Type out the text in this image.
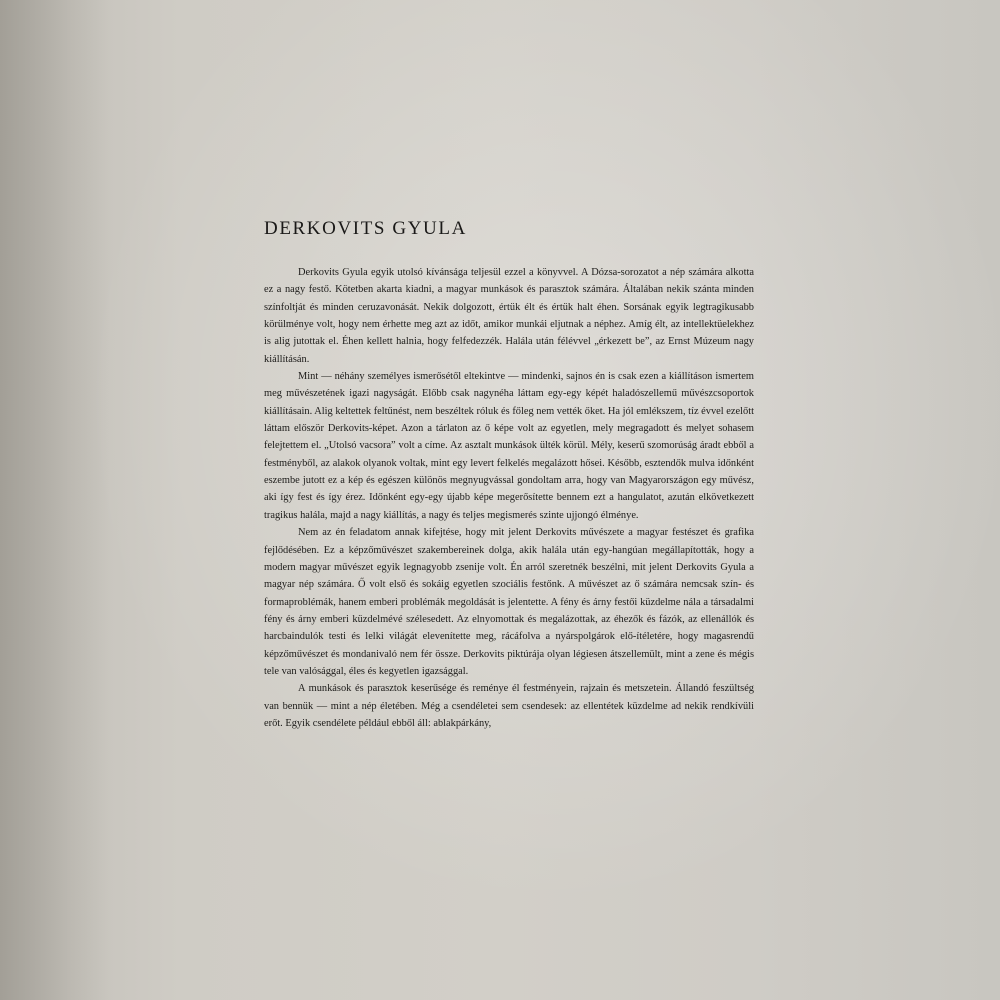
DERKOVITS GYULA

Derkovits Gyula egyik utolsó kívánsága teljesül ezzel a könyvvel. A Dózsa-sorozatot a nép számára alkotta ez a nagy festő. Kötetben akarta kiadni, a magyar munkások és parasztok számára. Általában nekik szánta minden színfoltját és minden ceruzavonását. Nekik dolgozott, értük élt és értük halt éhen. Sorsának egyik legtragikusabb körülménye volt, hogy nem érhette meg azt az időt, amikor munkái eljutnak a néphez. Amíg élt, az intellektüelekhez is alig jutottak el. Éhen kellett halnia, hogy felfedezzék. Halála után félévvel „érkezett be”, az Ernst Múzeum nagy kiállításán.

Mint — néhány személyes ismerősétől eltekintve — mindenki, sajnos én is csak ezen a kiállításon ismertem meg művészetének igazi nagyságát. Előbb csak nagynéha láttam egy-egy képét haladószellemű művészcsoportok kiállításain. Alig keltettek feltűnést, nem beszéltek róluk és főleg nem vették őket. Ha jól emlékszem, tíz évvel ezelőtt láttam először Derkovits-képet. Azon a tárlaton az ő képe volt az egyetlen, mely megragadott és melyet sohasem felejtettem el. „Utolsó vacsora” volt a címe. Az asztalt munkások ülték körül. Mély, keserű szomorúság áradt ebből a festményből, az alakok olyanok voltak, mint egy levert felkelés megalázott hősei. Később, esztendők mulva időnként eszembe jutott ez a kép és egészen különös megnyugvással gondoltam arra, hogy van Magyarországon egy művész, aki így fest és így érez. Időnként egy-egy újabb képe megerősítette bennem ezt a hangulatot, azután elkövetkezett tragikus halála, majd a nagy kiállítás, a nagy és teljes megismerés szinte ujjongó élménye.

Nem az én feladatom annak kifejtése, hogy mit jelent Derkovits művészete a magyar festészet és grafika fejlődésében. Ez a képzőművészet szakembereinek dolga, akik halála után egy-hangúan megállapították, hogy a modern magyar művészet egyik legnagyobb zsenije volt. Én arról szeretnék beszélni, mit jelent Derkovits Gyula a magyar nép számára. Ő volt első és sokáig egyetlen szociális festőnk. A művészet az ő számára nemcsak szín- és formaproblémák, hanem emberi problémák megoldását is jelentette. A fény és árny festői küzdelme nála a társadalmi fény és árny emberi küzdelmévé szélesedett. Az elnyomottak és megalázottak, az éhezők és fázók, az ellenállók és harcbaindulók testi és lelki világát elevenítette meg, rácáfolva a nyárspolgárok elő-ítéletére, hogy magasrendű képzőművészet és mondanivaló nem fér össze. Derkovits piktúrája olyan légiesen átszellemült, mint a zene és mégis tele van valósággal, éles és kegyetlen igazsággal.

A munkások és parasztok keserűsége és reménye él festményein, rajzain és metszetein. Állandó feszültség van bennük — mint a nép életében. Még a csendéletei sem csendesek: az ellentétek küzdelme ad nekik rendkívüli erőt. Egyik csendélete például ebből áll: ablakpárkány,
